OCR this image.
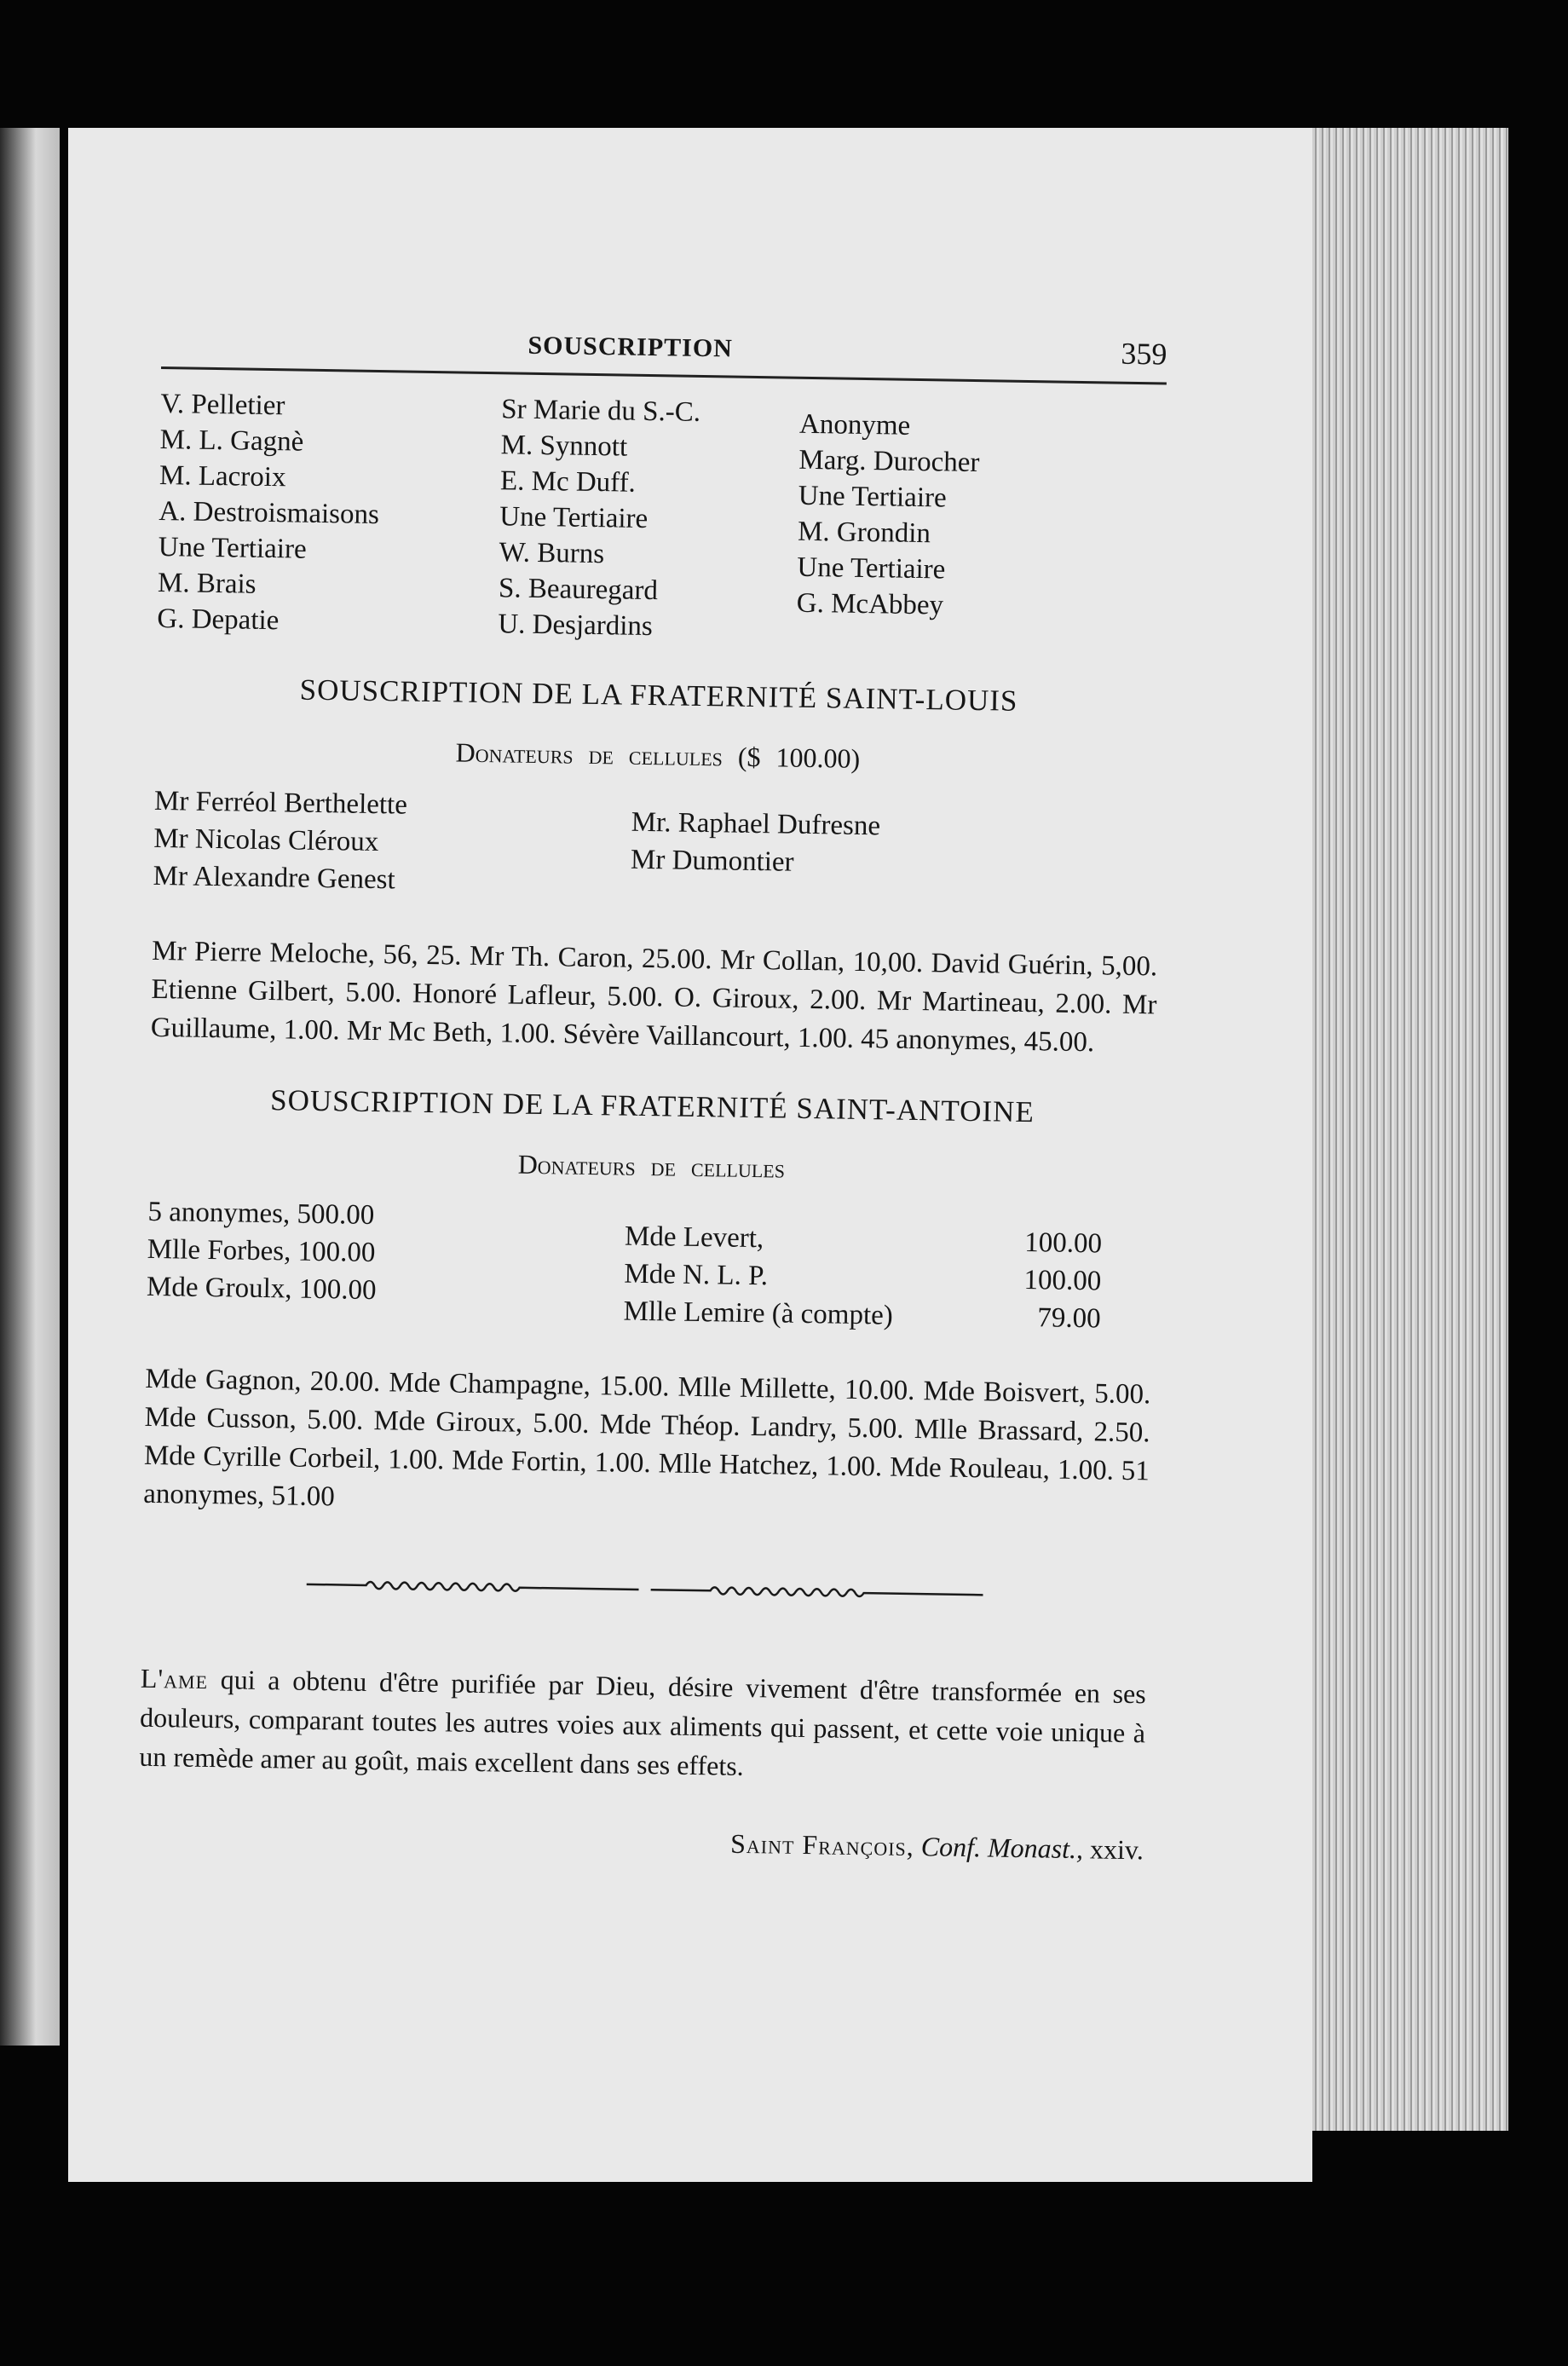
SOUSCRIPTION	359
V. Pelletier
M. L. Gagnè
M. Lacroix
A. Destroismaisons
Une Tertiaire
M. Brais
G. Depatie
Sr Marie du S.-C.
M. Synnott
E. Mc Duff.
Une Tertiaire
W. Burns
S. Beauregard
U. Desjardins
Anonyme
Marg. Durocher
Une Tertiaire
M. Grondin
Une Tertiaire
G. McAbbey
SOUSCRIPTION DE LA FRATERNITÉ SAINT-LOUIS
Donateurs de cellules ($ 100.00)
Mr Ferréol Berthelette
Mr Nicolas Cléroux
Mr Alexandre Genest
Mr. Raphael Dufresne
Mr Dumontier
Mr Pierre Meloche, 56, 25. Mr Th. Caron, 25.00. Mr Collan, 10,00. David Guérin, 5,00. Etienne Gilbert, 5.00. Honoré Lafleur, 5.00. O. Giroux, 2.00. Mr Martineau, 2.00. Mr Guillaume, 1.00. Mr Mc Beth, 1.00. Sévère Vaillancourt, 1.00. 45 anonymes, 45.00.
SOUSCRIPTION DE LA FRATERNITÉ SAINT-ANTOINE
Donateurs de cellules
5 anonymes, 500.00
Mlle Forbes, 100.00
Mde Groulx, 100.00
Mde Levert,	100.00
Mde N. L. P.	100.00
Mlle Lemire (à compte)	79.00
Mde Gagnon, 20.00. Mde Champagne, 15.00. Mlle Millette, 10.00. Mde Boisvert, 5.00. Mde Cusson, 5.00. Mde Giroux, 5.00. Mde Théop. Landry, 5.00. Mlle Brassard, 2.50. Mde Cyrille Corbeil, 1.00. Mde Fortin, 1.00. Mlle Hatchez, 1.00. Mde Rouleau, 1.00. 51 anonymes, 51.00
L'ame qui a obtenu d'être purifiée par Dieu, désire vivement d'être transformée en ses douleurs, comparant toutes les autres voies aux aliments qui passent, et cette voie unique à un remède amer au goût, mais excellent dans ses effets.
Saint François, Conf. Monast., xxiv.
